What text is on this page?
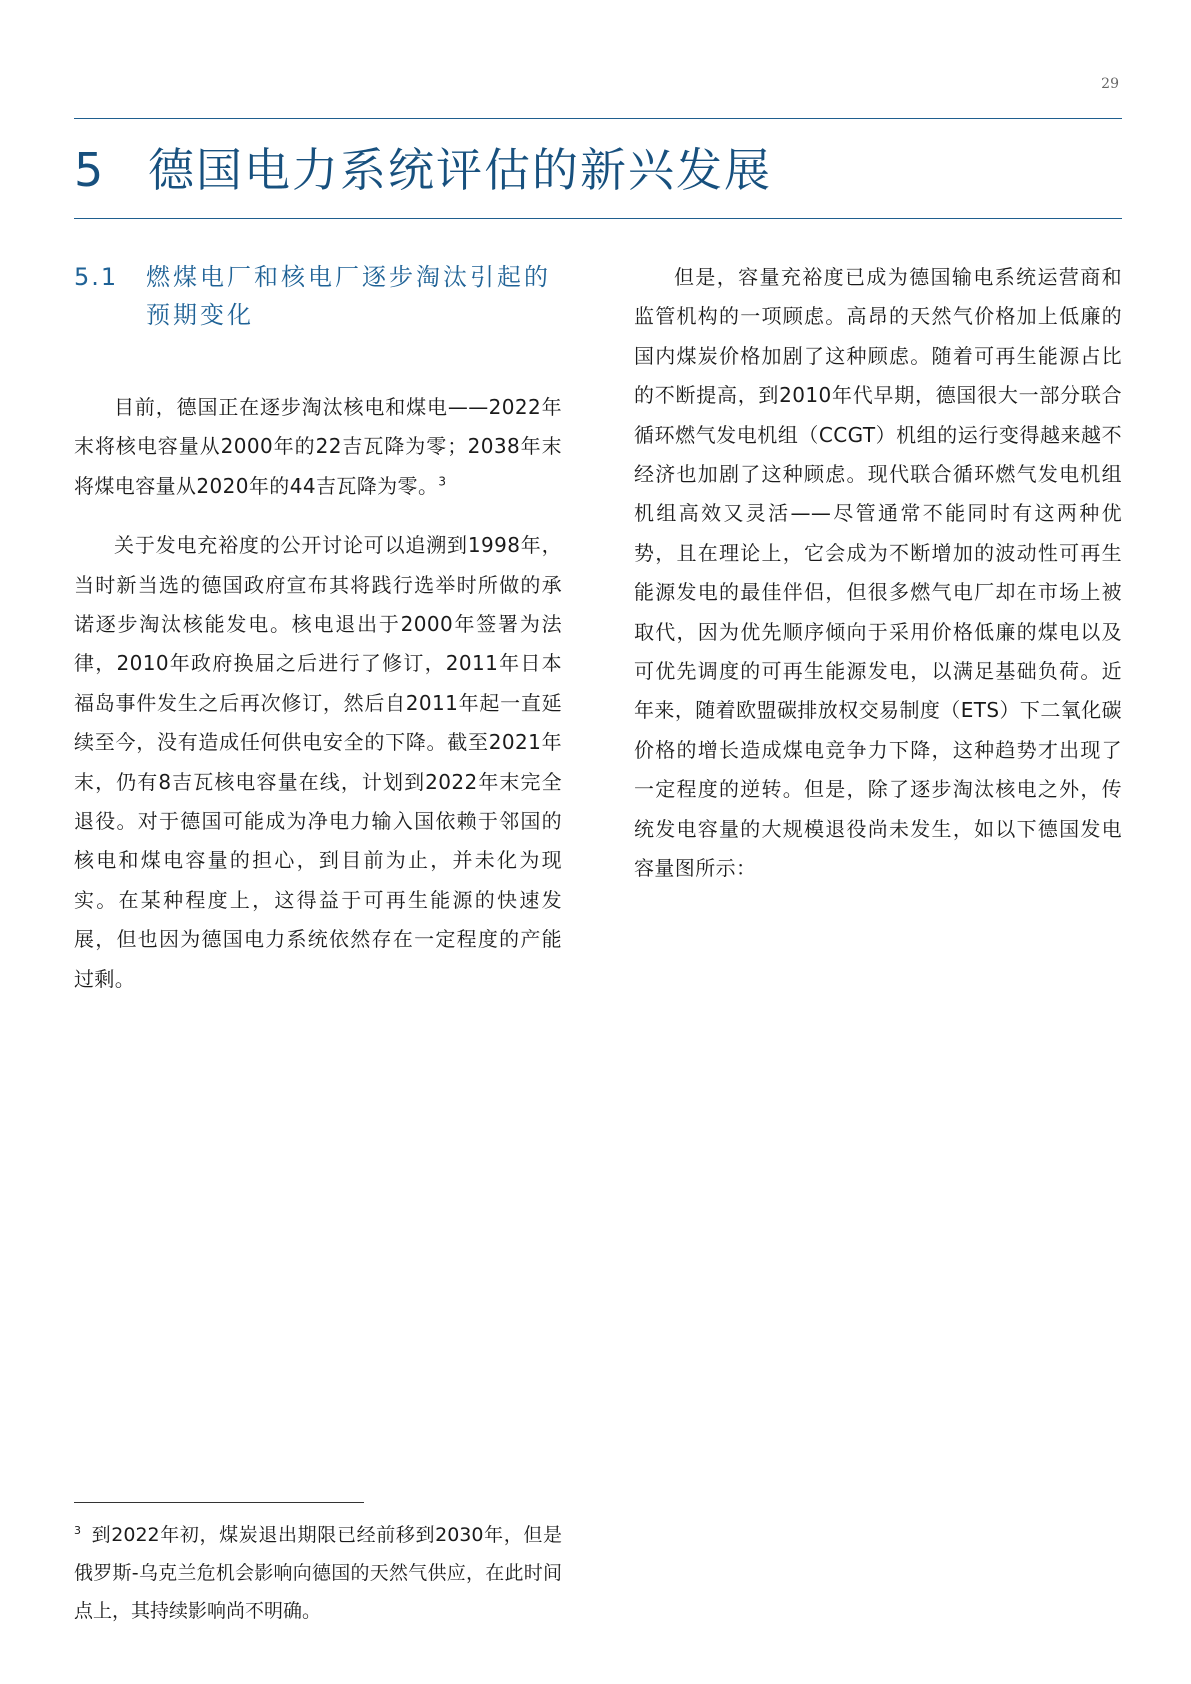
29
5 德国电力系统评估的新兴发展
5.1 燃煤电厂和核电厂逐步淘汰引起的预期变化

目前，德国正在逐步淘汰核电和煤电——2022年末将核电容量从2000年的22吉瓦降为零；2038年末将煤电容量从2020年的44吉瓦降为零。$^3$

关于发电充裕度的公开讨论可以追溯到1998年，当时新当选的德国政府宣布其将践行选举时所做的承诺逐步淘汰核能发电。核电退出于2000年签署为法律，2010年政府换届之后进行了修订，2011年日本福岛事件发生之后再次修订，然后自2011年起一直延续至今，没有造成任何供电安全的下降。截至2021年末，仍有8吉瓦核电容量在线，计划到2022年末完全退役。对于德国可能成为净电力输入国依赖于邻国的核电和煤电容量的担心，到目前为止，并未化为现实。在某种程度上，这得益于可再生能源的快速发展，但也因为德国电力系统依然存在一定程度的产能过剩。

但是，容量充裕度已成为德国输电系统运营商和监管机构的一项顾虑。高昂的天然气价格加上低廉的国内煤炭价格加剧了这种顾虑。随着可再生能源占比的不断提高，到2010年代早期，德国很大一部分联合循环燃气发电机组（CCGT）机组的运行变得越来越不经济也加剧了这种顾虑。现代联合循环燃气发电机组机组高效又灵活——尽管通常不能同时有这两种优势，且在理论上，它会成为不断增加的波动性可再生能源发电的最佳伴侣，但很多燃气电厂却在市场上被取代，因为优先顺序倾向于采用价格低廉的煤电以及可优先调度的可再生能源发电，以满足基础负荷。近年来，随着欧盟碳排放权交易制度（ETS）下二氧化碳价格的增长造成煤电竞争力下降，这种趋势才出现了一定程度的逆转。但是，除了逐步淘汰核电之外，传统发电容量的大规模退役尚未发生，如以下德国发电容量图所示：

$^3$ 到2022年初，煤炭退出期限已经前移到2030年，但是俄罗斯-乌克兰危机会影响向德国的天然气供应，在此时间点上，其持续影响尚不明确。
